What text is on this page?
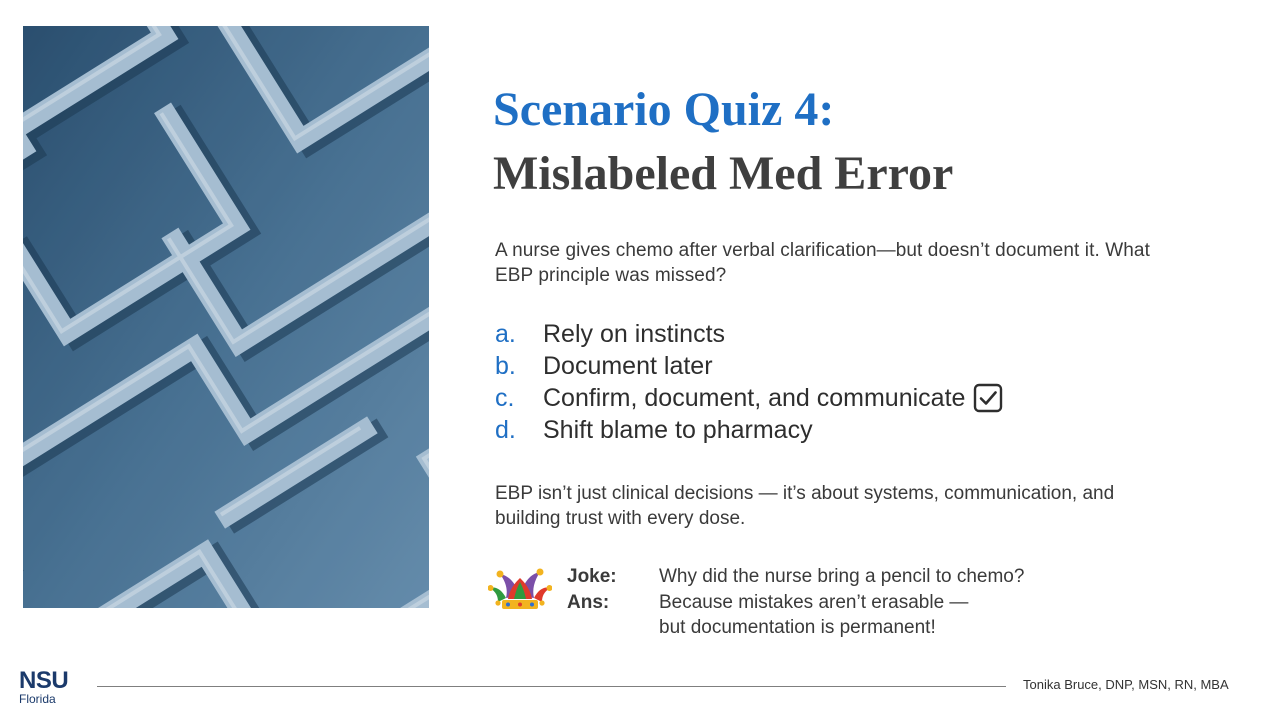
Scenario Quiz 4:
Mislabeled Med Error
A nurse gives chemo after verbal clarification—but doesn’t document it. What EBP principle was missed?
a.	Rely on instincts
b.	Document later
c.	Confirm, document, and communicate
d.	Shift blame to pharmacy
EBP isn’t just clinical decisions — it’s about systems, communication, and building trust with every dose.
Joke:	Why did the nurse bring a pencil to chemo?
Ans:	Because mistakes aren’t erasable —
but documentation is permanent!
NSU
Florida
Tonika Bruce, DNP, MSN, RN, MBA
